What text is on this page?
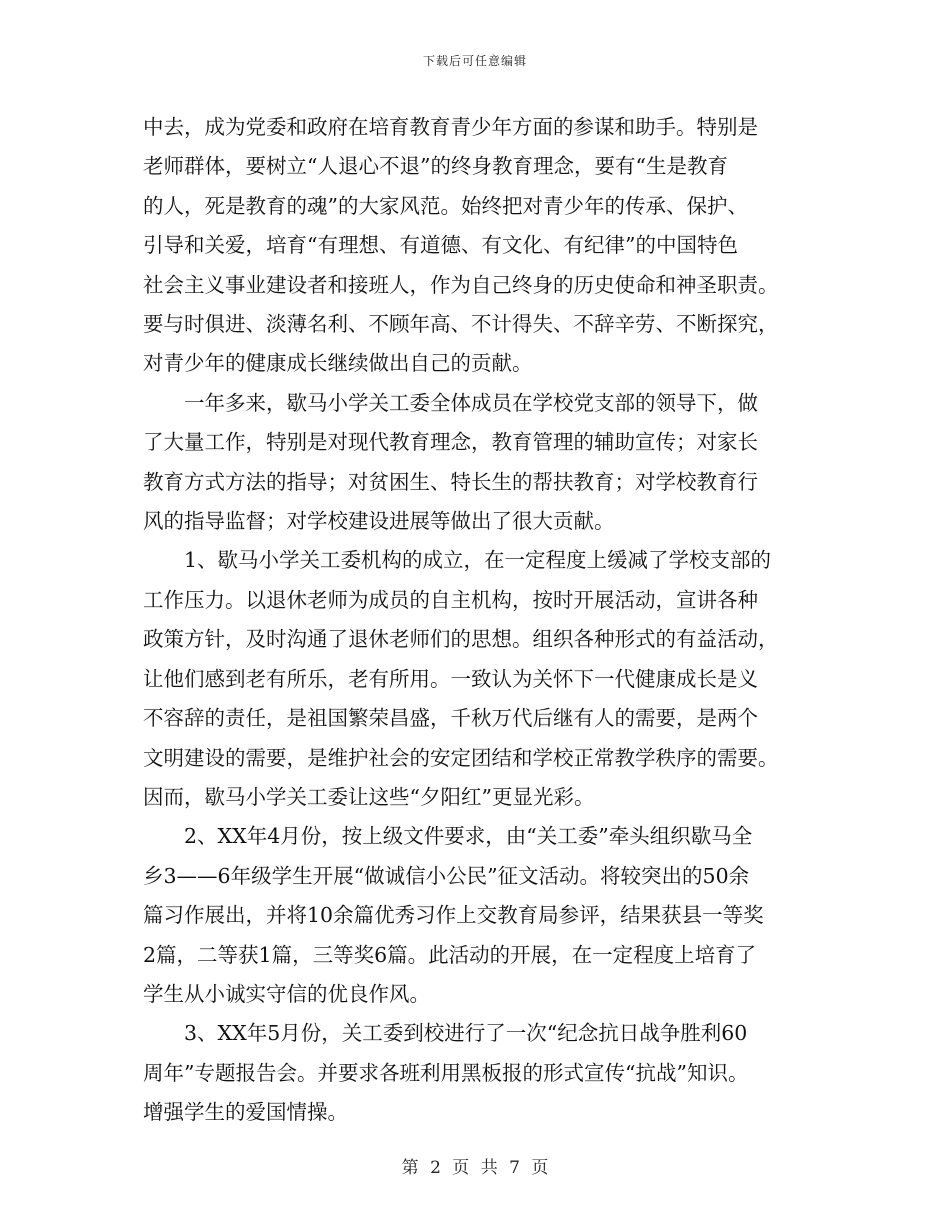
下载后可任意编辑
中去，成为党委和政府在培育教育青少年方面的参谋和助手。特别是
老师群体，要树立“人退心不退”的终身教育理念，要有“生是教育
的人，死是教育的魂”的大家风范。始终把对青少年的传承、保护、
引导和关爱，培育“有理想、有道德、有文化、有纪律”的中国特色
社会主义事业建设者和接班人，作为自己终身的历史使命和神圣职责。
要与时俱进、淡薄名利、不顾年高、不计得失、不辞辛劳、不断探究，
对青少年的健康成长继续做出自己的贡献。
一年多来，歇马小学关工委全体成员在学校党支部的领导下，做
了大量工作，特别是对现代教育理念，教育管理的辅助宣传；对家长
教育方式方法的指导；对贫困生、特长生的帮扶教育；对学校教育行
风的指导监督；对学校建设进展等做出了很大贡献。
1、歇马小学关工委机构的成立，在一定程度上缓减了学校支部的
工作压力。以退休老师为成员的自主机构，按时开展活动，宣讲各种
政策方针，及时沟通了退休老师们的思想。组织各种形式的有益活动，
让他们感到老有所乐，老有所用。一致认为关怀下一代健康成长是义
不容辞的责任，是祖国繁荣昌盛，千秋万代后继有人的需要，是两个
文明建设的需要，是维护社会的安定团结和学校正常教学秩序的需要。
因而，歇马小学关工委让这些“夕阳红”更显光彩。
2、XX年4月份，按上级文件要求，由“关工委”牵头组织歇马全
乡3——6年级学生开展“做诚信小公民”征文活动。将较突出的50余
篇习作展出，并将10余篇优秀习作上交教育局参评，结果获县一等奖
2篇，二等获1篇，三等奖6篇。此活动的开展，在一定程度上培育了
学生从小诚实守信的优良作风。
3、XX年5月份，关工委到校进行了一次“纪念抗日战争胜利60
周年”专题报告会。并要求各班利用黑板报的形式宣传“抗战”知识。
增强学生的爱国情操。
第 2 页 共 7 页
